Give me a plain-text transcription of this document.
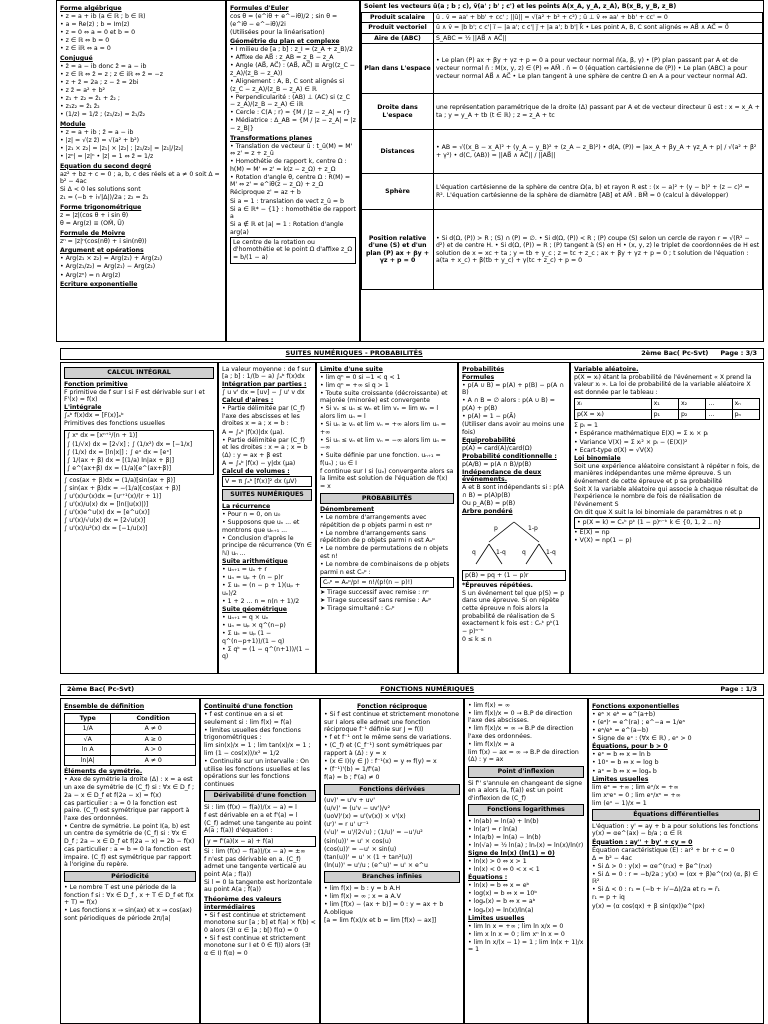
Forme algébrique

• z = a + ib (a ∈ ℝ ; b ∈ ℝ)

• a = Re(z) ; b = Im(z)

• z = 0 ⇔ a = 0 et b = 0

• z ∈ ℝ ⇔ b = 0

• z ∈ iℝ ⇔ a = 0

Conjugué

• z̄ = a − ib donc z̄̄ = a − ib

• z ∈ ℝ ⇔ z̄ = z ; z ∈ iℝ ⇔ z̄ = −z

• z + z̄ = 2a ; z − z̄ = 2bi

• z z̄ = a² + b²

• z₁ + z₂ = z̄₁ + z̄₂ ;

• z₁z₂ = z̄₁ z̄₂

• (1/z) = 1/z̄ ; (z₁/z₂) = z̄₁/z̄₂

Module

• z = a + ib ; z̄ = a − ib

• |z| = √(z z̄) = √(a² + b²)

• |z₁ × z₂| = |z₁| × |z₂| ; |z₁/z₂| = |z₁|/|z₂|

• |zⁿ| = |z|ⁿ • |z| = 1 ⇔ z̄ = 1/z

Equation du second degré

az² + bz + c = 0 ; a, b, c des réels et a ≠ 0 soit Δ = b² − 4ac

Si Δ < 0 les solutions sont

z₁ = (−b + i√|Δ|)/2a ; z₂ = z̄₁

Forme trigonométrique

z = |z|(cos θ + i sin θ)

θ = Arg(z) ≡ (OM̂, Ū)

Formule de Moivre

zⁿ = |z|ⁿ(cos(nθ) + i sin(nθ))

Argument et opérations

• Arg(z₁ × z₂) = Arg(z₁) + Arg(z₂)

• Arg(z₁/z₂) = Arg(z₁) − Arg(z₂)

• Arg(zⁿ) = n Arg(z)

Ecriture exponentielle
Formules d'Euler

cos θ = (e^iθ + e^−iθ)/2 ; sin θ = (e^iθ − e^−iθ)/2i

(Utilisées pour la linéarisation)

Géométrie du plan et complexe

• I milieu de [a ; b] : z_I = (z_A + z_B)/2

• Affixe de AB⃗ : z_AB = z_B − z_A

• Angle (AB⃗, AC⃗) : (AB⃗, AC⃗) ≡ Arg((z_C − z_A)/(z_B − z_A))

• Alignement : A, B, C sont alignés si (z_C − z_A)/(z_B − z_A) ∈ ℝ

• Perpendicularité : (AB) ⊥ (AC) si (z_C − z_A)/(z_B − z_A) ∈ iℝ

• Cercle : C(A ; r) = {M / |z − z_A| = r}

• Médiatrice : Δ_AB = {M / |z − z_A| = |z − z_B|}

Transformations planes

• Translation de vecteur ū : t_ū(M) = M' ⇔ z' = z + z_ū

• Homothétie de rapport k, centre Ω : h(M) = M' ⇔ z' = k(z − z_Ω) + z_Ω

• Rotation d'angle θ, centre Ω : R(M) = M' ⇔ z' = e^iθ(z − z_Ω) + z_Ω

Réciproque z' = az + b

Si a = 1 : translation de vect z_ū = b

Si a ∈ ℝ* − {1} : homothétie de rapport a

Si a ∉ ℝ et |a| = 1 : Rotation d'angle arg(a)

Le centre de la rotation ou d'homothétie et le point Ω d'affixe z_Ω = b/(1 − a)

Soient les vecteurs ū(a ; b ; c), v̄(a' ; b' ; c') et les points A(x_A, y_A, z_A), B(x_B, y_B, z_B)

Produit scalaire	ū . v̄ = aa' + bb' + cc' ; ||ū|| = √(a² + b² + c²) ; ū ⊥ v̄ ⇔ aa' + bb' + cc' = 0
Produit vectoriel	ū ∧ v̄ = |b b'; c c'| i⃗ − |a a'; c c'| j⃗ + |a a'; b b'| k⃗ • Les point A, B, C sont alignés ⇔ AB⃗ ∧ AC⃗ = 0⃗
Aire de (ABC)	S_ABC = ½ ||AB⃗ ∧ AC⃗||
Plan dans L'espace	• Le plan (P) ax + βy + γz + p = 0 a pour vecteur normal n̄(a, β, γ) • (P) plan passant par A et de vecteur normal n̄ : M(x, y, z) ∈ (P) ⇔ AM⃗ . n̄ = 0 (équation cartésienne de (P)) • Le plan (ABC) a pour vecteur normal AB⃗ ∧ AC⃗ • Le plan tangent à une sphère de centre Ω en A a pour vecteur normal AΩ⃗.
Droite dans L'espace	une représentation paramétrique de la droite (Δ) passant par A et de vecteur directeur ū est : x = x_A + ta ; y = y_A + tb (t ∈ ℝ) ; z = z_A + tc
Distances	• AB = √((x_B − x_A)² + (y_A − y_B)² + (z_A − z_B)²) • d(A, (P)) = |ax_A + βy_A + γz_A + p| / √(a² + β² + γ²) • d(C, (AB)) = ||AB⃗ ∧ AC⃗|| / ||AB⃗||
Sphère	L'équation cartésienne de la sphère de centre Ω(a, b) et rayon R est : (x − a)² + (y − b)² + (z − c)² = R². L'équation cartésienne de la sphère de diamètre [AB] et AM⃗ . BM⃗ = 0 (calcul à développer)
Position relative d'une (S) et d'un plan (P) ax + βy + γz + p = 0	• Si d(Ω, (P)) > R ; (S) ∩ (P) = ∅. • Si d(Ω, (P)) < R ; (P) coupe (S) selon un cercle de rayon r = √(R² − d²) et de centre H. • Si d(Ω, (P)) = R ; (P) tangent à (S) en H • (x, y, z) le triplet de coordonnées de H est solution de x = xc + ta ; y = tb + y_c ; z = tc + z_c ; ax + βy + γz + p = 0 ; t solution de l'équation : a(ta + x_c) + β(tb + y_c) + γ(tc + z_c) + p = 0
SUITES NUMÉRIQUES - PROBABILITÉS	2ème Bac( Pc-Svt)	Page : 3/3
CALCUL INTÉGRAL
Fonction primitive

F primitive de f sur I si F est dérivable sur I et F'(x) = f(x)

L'intégrale

∫ₐᵇ f(x)dx = [F(x)]ₐᵇ

Primitives des fonctions usuelles

∫ xⁿ dx = [xⁿ⁺¹/(n + 1)]

∫ (1/√x) dx = [2√x] ; ∫ (1/x²) dx = [−1/x]

∫ (1/x) dx = [ln|x|] ; ∫ eˣ dx = [eˣ]

∫ 1/(ax + β) dx = [(1/a) ln|ax + β|]

∫ e^(ax+β) dx = (1/a)[e^(ax+β)]

∫ cos(ax + β)dx = (1/a)[sin(ax + β)]

∫ sin(ax + β)dx = −(1/a)[cos(ax + β)]

∫ u'(x)uʳ(x)dx = [uʳ⁺¹(x)/(r + 1)]

∫ u'(x)/u(x) dx = [ln(|u(x)|)]

∫ u'(x)e^u(x) dx = [e^u(x)]

∫ u'(x)/√u(x) dx = [2√u(x)]

∫ u'(x)/u²(x) dx = [−1/u(x)]

La valeur moyenne : de f sur [a ; b] : 1/(b − a) ∫ₐᵇ f(x)dx

Intégration par parties :

∫ u v' dx = [uv] − ∫ u' v dx

Calcul d'aires :

• Partie délimitée par (C_f) l'axe des abscisses et les droites x = a ; x = b :

A = ∫ₐᵇ |f(x)|dx (μa).

• Partie délimitée par (C_f) et les droites : x = a ; x = b (Δ) : y = ax + β est

A = ∫ₐᵇ |f(x) − y|dx (μa)

Calcul de volumes :

V = π ∫ₐᵇ [f(x)]² dx (μV)

SUITES NUMÉRIQUES

La récurrence

• Pour n = 0, on u₀

• Supposons que uₙ ... et montrons que uₙ₊₁ ...

• Conclusion d'après le principe de récurrence (∀n ∈ ℕ) uₙ ...

Suite arithmétique

• uₙ₊₁ = uₙ + r

• uₙ = uₚ + (n − p)r

• Σ uₖ = (n − p + 1)(uₚ + uₙ)/2

• 1 + 2 ... n = n(n + 1)/2

Suite géométrique

• uₙ₊₁ = q × uₙ

• uₙ = uₚ × q^(n−p)

• Σ uₖ = uₚ (1 − q^(n−p+1))/(1 − q)

• Σ qᵏ = (1 − q^(n+1))/(1 − q)

Limite d'une suite

• lim qⁿ = 0 si −1 < q < 1

• lim qⁿ = +∞ si q > 1

• Toute suite croissante (décroissante) et majorée (minorée) est convergente

• Si vₙ ≤ uₙ ≤ wₙ et lim vₙ = lim wₙ = l alors lim uₙ = l

• Si uₙ ≥ vₙ et lim vₙ = +∞ alors lim uₙ = +∞

• Si uₙ ≤ vₙ et lim vₙ = −∞ alors lim uₙ = −∞

• Suite définie par une fonction. uₙ₊₁ = f(uₙ) ; u₀ ∈ I

f continue sur I si (uₙ) convergente alors sa la limite est solution de l'équation de f(x) = x

PROBABILITÉS

Dénombrement

• Le nombre d'arrangements avec répétition de p objets parmi n est nᵖ

• Le nombre d'arrangements sans répétition de p objets parmi n est Aₙᵖ

• Le nombre de permutations de n objets est n!

• Le nombre de combinaisons de p objets parmi n est Cₙᵖ :

Cₙᵖ = Aₙᵖ/p! = n!/(p!(n − p)!)

➤ Tirage successif avec remise : nᵖ

➤ Tirage successif sans remise : Aₙᵖ

➤ Tirage simultané : Cₙᵖ

Probabilités

Formules

• p(A ∪ B) = p(A) + p(B) − p(A ∩ B)

• A ∩ B = ∅ alors : p(A ∪ B) = p(A) + p(B)

• p(A) = 1 − p(Ā)

(Utiliser dans avoir au moins une fois)

Equiprobabilité

p(A) = card(A)/card(Ω)

Probabilité conditionnelle :

p(A/B) = p(A ∩ B)/p(B)

Indépendance de deux événements.

A et B sont indépendants si : p(A ∩ B) = p(A)p(B)

Ou p_A(B) = p(B)

Arbre pondéré

p	1-p
q	1-q	q	1-q

p(B) = pq + (1 − p)r

*Épreuves répétées.

S un événement tel que p(S) = p dans une épreuve. Si on répète cette épreuve n fois alors la probabilité de réalisation de S exactement k fois est : Cₙᵏ pᵏ(1 − p)ⁿ⁻ᵏ

0 ≤ k ≤ n

Variable aléatoire.

p(X = xᵢ) étant la probabilité de l'événement « X prend la valeur xᵢ ». La loi de probabilité de la variable aléatoire X est donnée par le tableau :

xᵢ	x₁	x₂	...	xₙ
p(X = xᵢ)	p₁	p₂	...	pₙ

Σ pᵢ = 1

• Espérance mathématique E(X) = Σ xᵢ × pᵢ

• Variance V(X) = Σ xᵢ² × pᵢ − (E(X))²

• Ecart-type σ(X) = √V(X)

Loi binomiale

Soit une expérience aléatoire consistant à répéter n fois, de manières indépendantes une même épreuve. S un événement de cette épreuve et p sa probabilité

Soit X la variable aléatoire qui associe à chaque résultat de l'expérience le nombre de fois de réalisation de l'événement S

On dit que X suit la loi binomiale de paramètres n et p

• p(X = k) = Cₙᵏ pᵏ (1 − p)ⁿ⁻ᵏ k ∈ {0, 1, 2 .. n}

• E(X) = np

• V(X) = np(1 − p)

2ème Bac( Pc-Svt)	FONCTIONS NUMÉRIQUES	Page : 1/3
Ensemble de définition
Type	Condition
1/A	A ≠ 0
√A	A ≥ 0
ln A	A > 0
ln|A|	A ≠ 0
Éléments de symétrie.

• Axe de symétrie la droite (Δ) : x = a est un axe de symétrie de (C_f) si : ∀x ∈ D_f ; 2a − x ∈ D_f et f(2a − x) = f(x)

cas particulier : a = 0 la fonction est paire. (C_f) est symétrique par rapport à l'axe des ordonnées.

• Centre de symétrie. Le point I(a, b) est un centre de symétrie de (C_f) si : ∀x ∈ D_f ; 2a − x ∈ D_f et f(2a − x) = 2b − f(x)

cas particulier : a = b = 0 la fonction est impaire. (C_f) est symétrique par rapport à l'origine du repère.

Périodicité

• Le nombre T est une période de la fonction f si : ∀x ∈ D_f , x + T ∈ D_f et f(x + T) = f(x)

• Les fonctions x → sin(ax) et x → cos(ax) sont périodiques de période 2π/|a|

Continuité d'une fonction

• f est continue en a si et seulement si : lim f(x) = f(a)

• limites usuelles des fonctions trigonométriques :

lim sin(x)/x = 1 ; lim tan(x)/x = 1 ; lim (1 − cos(x))/x² = 1/2

• Continuité sur un intervalle : On utilise les fonctions usuelles et les opérations sur les fonctions continues

Dérivabilité d'une fonction

Si : lim (f(x) − f(a))/(x − a) = l

f est dérivable en a et f'(a) = l

(C_f) admet une tangente au point A(a ; f(a)) d'équation :

y = f'(a)(x − a) + f(a)

Si : lim (f(x) − f(a))/(x − a) = ±∞

f n'est pas dérivable en a. (C_f) admet une tangente verticale au point A(a ; f(a))

Si l = 0 la tangente est horizontale au point A(a ; f(a))

Théorème des valeurs intermédiaires

• Si f est continue et strictement monotone sur [a ; b] et f(a) × f(b) < 0 alors (∃! α ∈ ]a ; b[) f(α) = 0

• Si f est continue et strictement monotone sur I et 0 ∈ f(I) alors (∃! α ∈ I) f(α) = 0

Fonction réciproque

• Si f est continue et strictement monotone sur I alors elle admet une fonction réciproque f⁻¹ définie sur J = f(I)

• f et f⁻¹ ont le même sens de variations.

• (C_f) et (C_f⁻¹) sont symétriques par rapport à (Δ) : y = x

• (x ∈ I)(y ∈ J) : f⁻¹(x) = y ⇔ f(y) = x

• (f⁻¹)'(b) = 1/f'(a)

f(a) = b ; f'(a) ≠ 0

Fonctions dérivées

(uv)' = u'v + uv'

(u/v)' = (u'v − uv')/v²

(uoV)'(x) = u'(v(x)) × v'(x)

(uʳ)' = r u' uʳ⁻¹

(√u)' = u'/(2√u) ; (1/u)' = −u'/u²

(sin(u))' = u' × cos(u)

(cos(u))' = −u' × sin(u)

(tan(u))' = u' × (1 + tan²(u))

(ln(u))' = u'/u ; (e^u)' = u' × e^u

Branches infinies

• lim f(x) = b : y = b A.H

• lim f(x) = ∞ ; x = a A.V

• lim [f(x) − (ax + b)] = 0 : y = ax + b A.oblique

[a = lim f(x)/x et b = lim [f(x) − ax]]

• lim f(x) = ∞

• lim f(x)/x = 0 → B.P de direction l'axe des abscisses.

• lim f(x)/x = ∞ → B.P de direction l'axe des ordonnées.

• lim f(x)/x = a

lim f(x) − ax = ∞ → B.P de direction (Δ) : y = ax

Point d'inflexion

Si f'' s'annule en changeant de signe en a alors (a, f(a)) est un point d'inflexion de (C_f)

Fonctions logarithmes

• ln(ab) = ln(a) + ln(b)

• ln(aʳ) = r ln(a)

• ln(a/b) = ln(a) − ln(b)

• ln(√a) = ½ ln(a) ; lnᵣ(x) = ln(x)/ln(r)

Signe de ln(x) (ln(1) = 0)

• ln(x) > 0 ⇔ x > 1

• ln(x) < 0 ⇔ 0 < x < 1

Équations :

• ln(x) = b ⇔ x = eᵇ

• log(x) = b ⇔ x = 10ᵇ

• logₐ(x) = b ⇔ x = aᵇ

• logₐ(x) = ln(x)/ln(a)

Limites usuelles

• lim ln x = +∞ ; lim ln x/x = 0

• lim x ln x = 0 ; lim xⁿ ln x = 0

• lim ln x/(x − 1) = 1 ; lim ln(x + 1)/x = 1

Fonctions exponentielles

• eᵃ × eᵇ = e^(a+b)

• (eᵃ)ʳ = e^(ra) ; e^−a = 1/eᵃ

• eᵃ/eᵇ = e^(a−b)

• Signe de eˣ : (∀x ∈ ℝ) , eˣ > 0

Équations, pour b > 0

• eˣ = b ⇔ x = ln b

• 10ˣ = b ⇔ x = log b

• aˣ = b ⇔ x = logₐ b

Limites usuelles

lim eˣ = +∞ ; lim eˣ/x = +∞

lim xⁿeˣ = 0 ; lim eˣ/xⁿ = +∞

lim (eˣ − 1)/x = 1

Équations différentielles

L'équation : y' = ay + b a pour solutions les fonctions y(x) = αe^(ax) − b/a ; α ∈ ℝ

Équation : ay'' + by' + cy = 0

Équation caractéristique (E) : ar² + br + c = 0

Δ = b² − 4ac

• Si Δ > 0 : y(x) = αe^(r₁x) + βe^(r₂x)

• Si Δ = 0 : r = −b/2a ; y(x) = (αx + β)e^(rx) (α, β) ∈ ℝ²

• Si Δ < 0 : r₁ = (−b + i√−Δ)/2a et r₂ = r̄₁

r₁ = p + iq

y(x) = (α cos(qx) + β sin(qx))e^(px)
